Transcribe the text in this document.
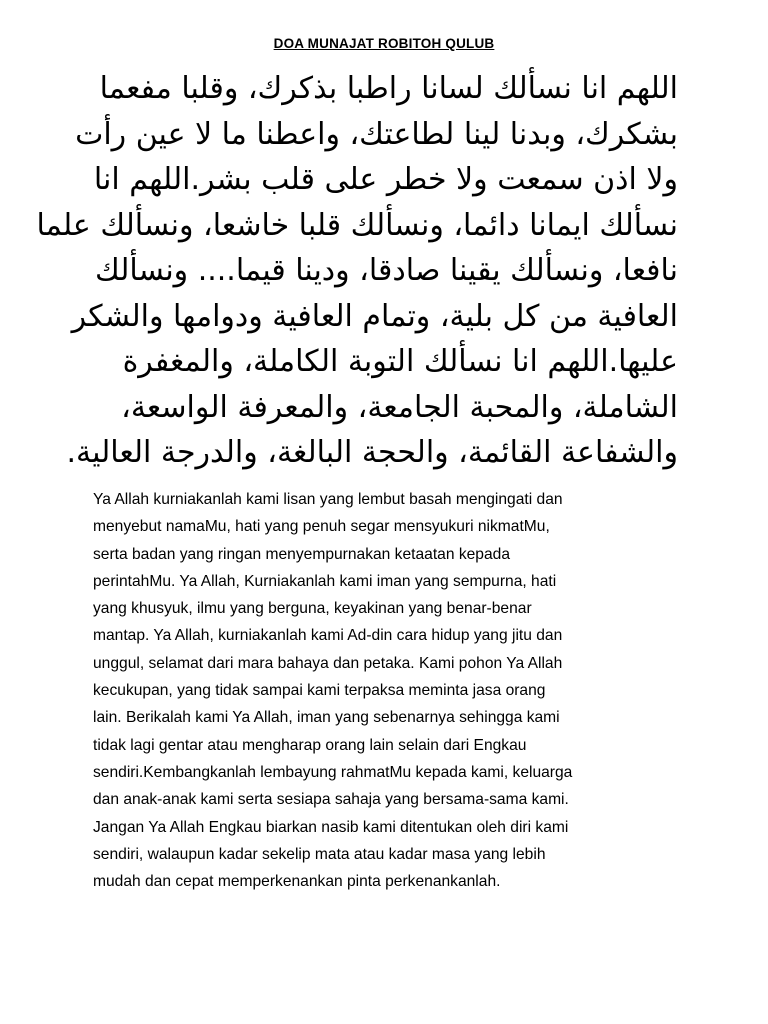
DOA MUNAJAT ROBITOH QULUB
اللهم انا نسألك لسانا راطبا بذكرك، وقلبا مفعما
بشكرك، وبدنا لينا لطاعتك، واعطنا ما لا عين رأت
ولا اذن سمعت ولا خطر على قلب بشر.اللهم انا
نسألك ايمانا دائما، ونسألك قلبا خاشعا، ونسألك علما
نافعا، ونسألك يقينا صادقا، ودينا قيما.... ونسألك
العافية من كل بلية، وتمام العافية ودوامها والشكر
عليها.اللهم انا نسألك التوبة الكاملة، والمغفرة
الشاملة، والمحبة الجامعة، والمعرفة الواسعة،
والشفاعة القائمة، والحجة البالغة، والدرجة العالية.
Ya Allah kurniakanlah kami lisan yang lembut basah mengingati dan
menyebut namaMu, hati yang penuh segar mensyukuri nikmatMu,
serta badan yang ringan menyempurnakan ketaatan kepada
perintahMu. Ya Allah, Kurniakanlah kami iman yang sempurna, hati
yang khusyuk, ilmu yang berguna, keyakinan yang benar-benar
mantap. Ya Allah, kurniakanlah kami Ad-din cara hidup yang jitu dan
unggul, selamat dari mara bahaya dan petaka. Kami pohon Ya Allah
kecukupan, yang tidak sampai kami terpaksa meminta jasa orang
lain. Berikalah kami Ya Allah, iman yang sebenarnya sehingga kami
tidak lagi gentar atau mengharap orang lain selain dari Engkau
sendiri.Kembangkanlah lembayung rahmatMu kepada kami, keluarga
dan anak-anak kami serta sesiapa sahaja yang bersama-sama kami.
Jangan Ya Allah Engkau biarkan nasib kami ditentukan oleh diri kami
sendiri, walaupun kadar sekelip mata atau kadar masa yang lebih
mudah dan cepat memperkenankan pinta perkenankanlah.
